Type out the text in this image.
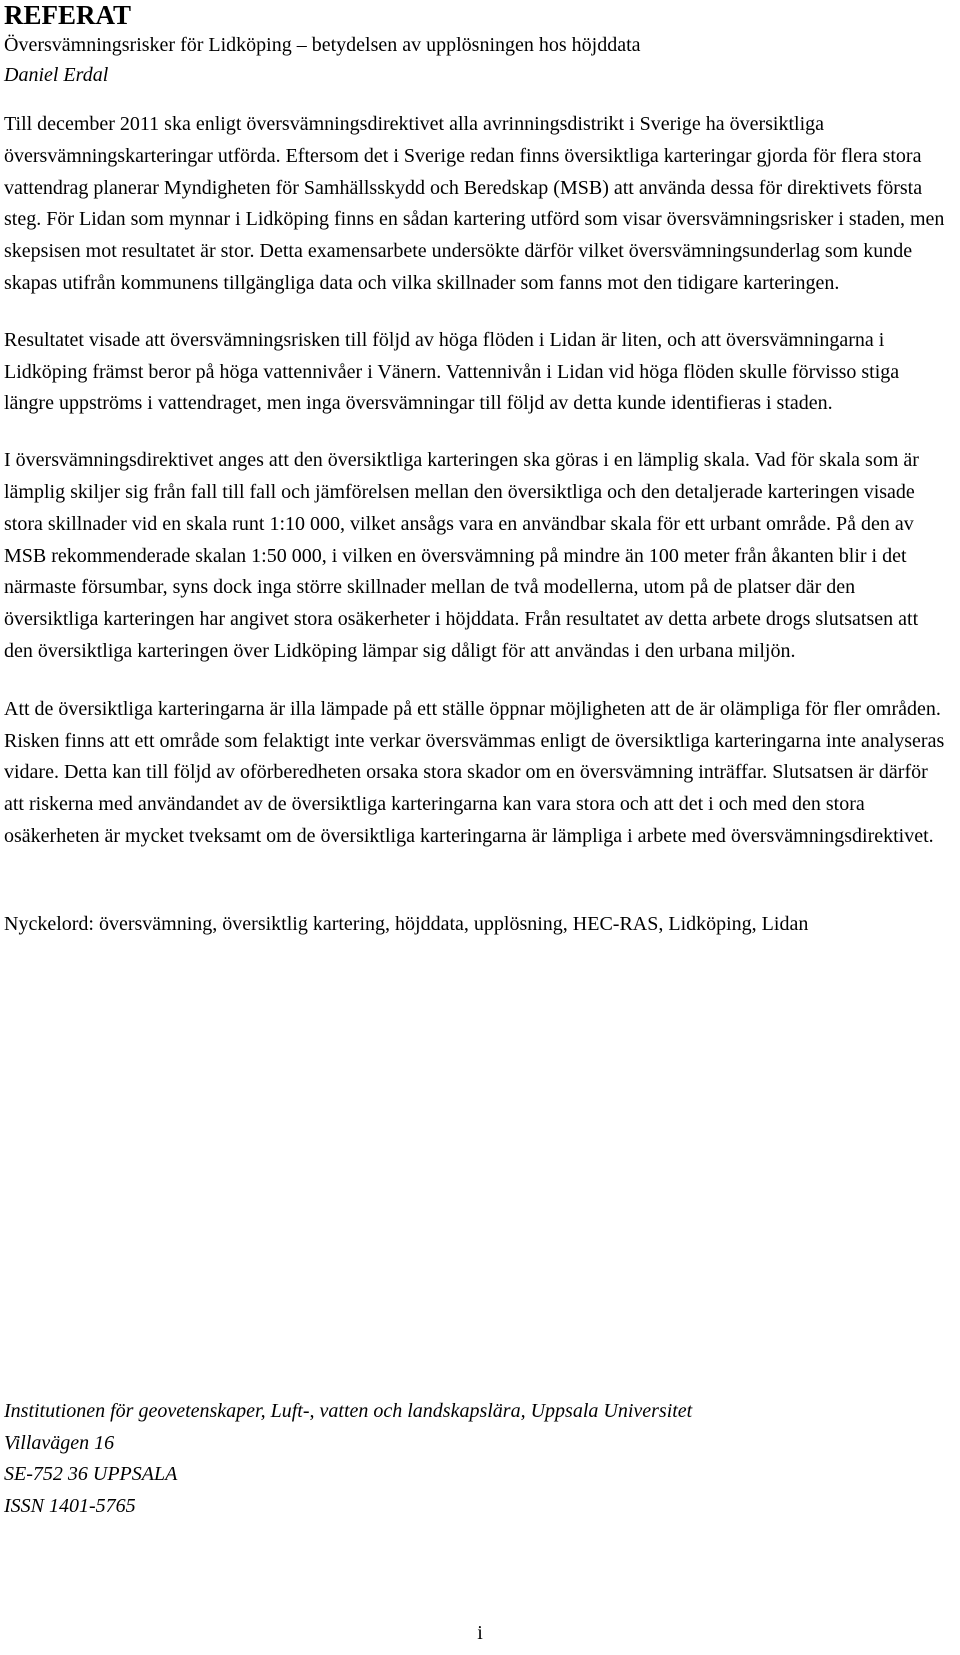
REFERAT
Översvämningsrisker för Lidköping – betydelsen av upplösningen hos höjddata
Daniel Erdal

Till december 2011 ska enligt översvämningsdirektivet alla avrinningsdistrikt i Sverige ha översiktliga översvämningskarteringar utförda. Eftersom det i Sverige redan finns översiktliga karteringar gjorda för flera stora vattendrag planerar Myndigheten för Samhällsskydd och Beredskap (MSB) att använda dessa för direktivets första steg. För Lidan som mynnar i Lidköping finns en sådan kartering utförd som visar översvämningsrisker i staden, men skepsisen mot resultatet är stor. Detta examensarbete undersökte därför vilket översvämningsunderlag som kunde skapas utifrån kommunens tillgängliga data och vilka skillnader som fanns mot den tidigare karteringen.

Resultatet visade att översvämningsrisken till följd av höga flöden i Lidan är liten, och att översvämningarna i Lidköping främst beror på höga vattennivåer i Vänern. Vattennivån i Lidan vid höga flöden skulle förvisso stiga längre uppströms i vattendraget, men inga översvämningar till följd av detta kunde identifieras i staden.

I översvämningsdirektivet anges att den översiktliga karteringen ska göras i en lämplig skala. Vad för skala som är lämplig skiljer sig från fall till fall och jämförelsen mellan den översiktliga och den detaljerade karteringen visade stora skillnader vid en skala runt 1:10 000, vilket ansågs vara en användbar skala för ett urbant område. På den av MSB rekommenderade skalan 1:50 000, i vilken en översvämning på mindre än 100 meter från åkanten blir i det närmaste försumbar, syns dock inga större skillnader mellan de två modellerna, utom på de platser där den översiktliga karteringen har angivet stora osäkerheter i höjddata. Från resultatet av detta arbete drogs slutsatsen att den översiktliga karteringen över Lidköping lämpar sig dåligt för att användas i den urbana miljön.

Att de översiktliga karteringarna är illa lämpade på ett ställe öppnar möjligheten att de är olämpliga för fler områden. Risken finns att ett område som felaktigt inte verkar översvämmas enligt de översiktliga karteringarna inte analyseras vidare. Detta kan till följd av oförberedheten orsaka stora skador om en översvämning inträffar. Slutsatsen är därför att riskerna med användandet av de översiktliga karteringarna kan vara stora och att det i och med den stora osäkerheten är mycket tveksamt om de översiktliga karteringarna är lämpliga i arbete med översvämningsdirektivet.

Nyckelord: översvämning, översiktlig kartering, höjddata, upplösning, HEC-RAS, Lidköping, Lidan

Institutionen för geovetenskaper, Luft-, vatten och landskapslära, Uppsala Universitet
Villavägen 16
SE-752 36 UPPSALA
ISSN 1401-5765
i
